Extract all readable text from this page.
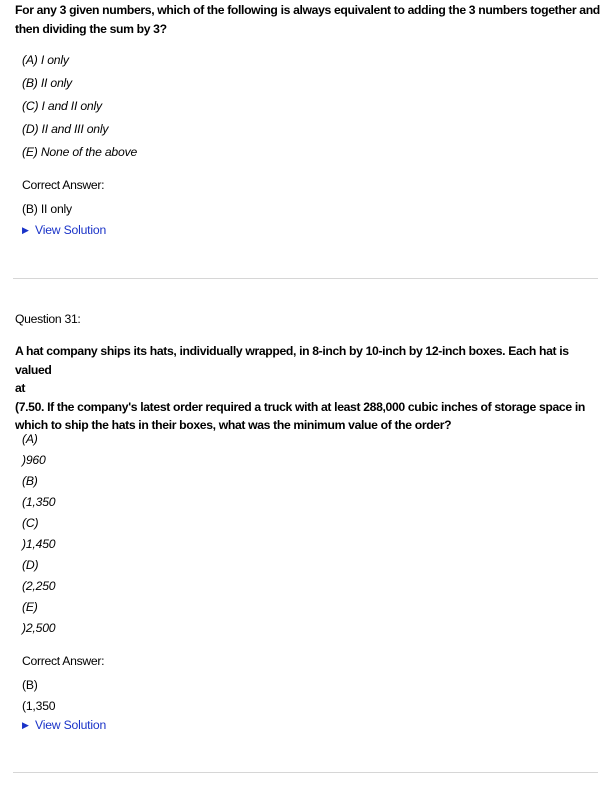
For any 3 given numbers, which of the following is always equivalent to adding the 3 numbers together and then dividing the sum by 3?
(A) I only
(B) II only
(C) I and II only
(D) II and III only
(E) None of the above
Correct Answer:
(B) II only
▶ View Solution
Question 31:
A hat company ships its hats, individually wrapped, in 8-inch by 10-inch by 12-inch boxes. Each hat is valued
at
(7.50. If the company's latest order required a truck with at least 288,000 cubic inches of storage space in which to ship the hats in their boxes, what was the minimum value of the order?
(A)
)960
(B)
(1,350
(C)
)1,450
(D)
(2,250
(E)
)2,500
Correct Answer:
(B)
(1,350
▶ View Solution
